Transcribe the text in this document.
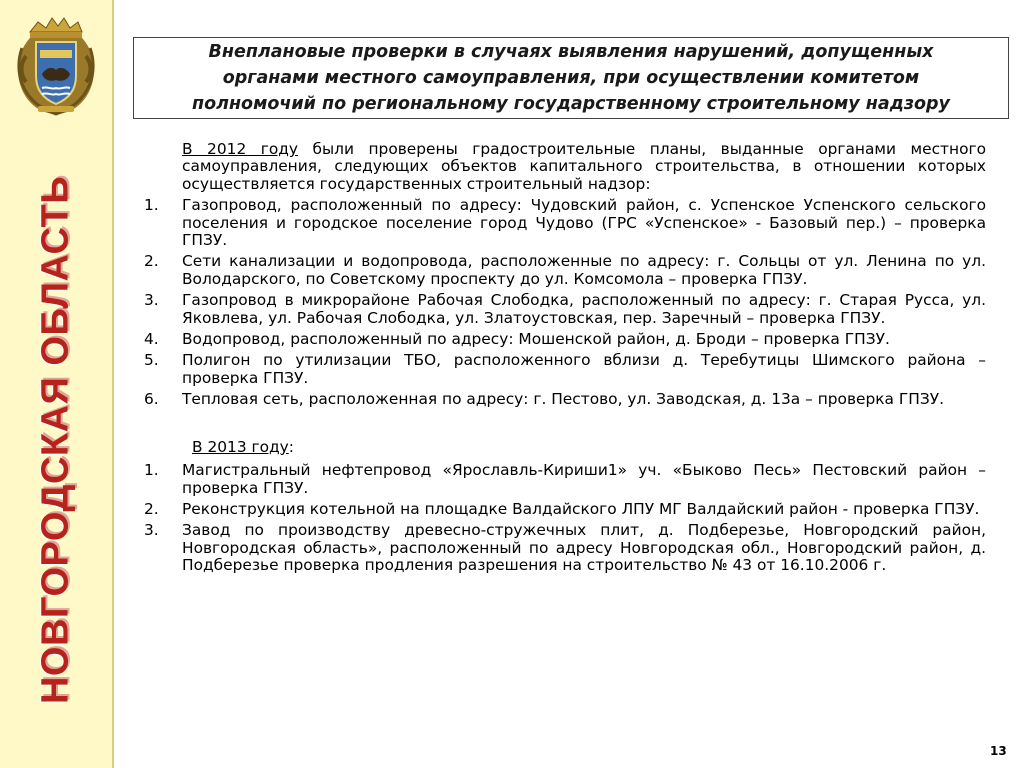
НОВГОРОДСКАЯ ОБЛАСТЬ
Внеплановые проверки в случаях выявления нарушений, допущенных
органами местного самоуправления, при осуществлении комитетом
полномочий по региональному государственному строительному надзору

В 2012 году были проверены градостроительные планы, выданные органами местного самоуправления, следующих объектов капитального строительства, в отношении которых осуществляется государственных строительный надзор:

1.	Газопровод, расположенный по адресу: Чудовский район, с. Успенское Успенского сельского поселения и городское поселение город Чудово (ГРС «Успенское» - Базовый пер.) – проверка ГПЗУ.
2.	Сети канализации и водопровода, расположенные по адресу: г. Сольцы от ул. Ленина по ул. Володарского, по Советскому проспекту до ул. Комсомола – проверка ГПЗУ.
3.	Газопровод в микрорайоне Рабочая Слободка, расположенный по адресу: г. Старая Русса, ул. Яковлева, ул. Рабочая Слободка, ул. Златоустовская, пер. Заречный – проверка ГПЗУ.
4.	Водопровод, расположенный по адресу: Мошенской район, д. Броди – проверка ГПЗУ.
5.	Полигон по утилизации ТБО, расположенного вблизи д. Теребутицы Шимского района – проверка ГПЗУ.
6.	Тепловая сеть, расположенная по адресу: г. Пестово, ул. Заводская, д. 13а – проверка ГПЗУ.

В 2013 году:

1.	Магистральный нефтепровод «Ярославль-Кириши1» уч. «Быково Песь» Пестовский район – проверка ГПЗУ.
2.	Реконструкция котельной на площадке Валдайского ЛПУ МГ Валдайский район - проверка ГПЗУ.
3.	Завод по производству древесно-стружечных плит, д. Подберезье, Новгородский район, Новгородская область», расположенный по адресу Новгородская обл., Новгородский район, д. Подберезье проверка продления разрешения на строительство № 43 от 16.10.2006 г.
13
